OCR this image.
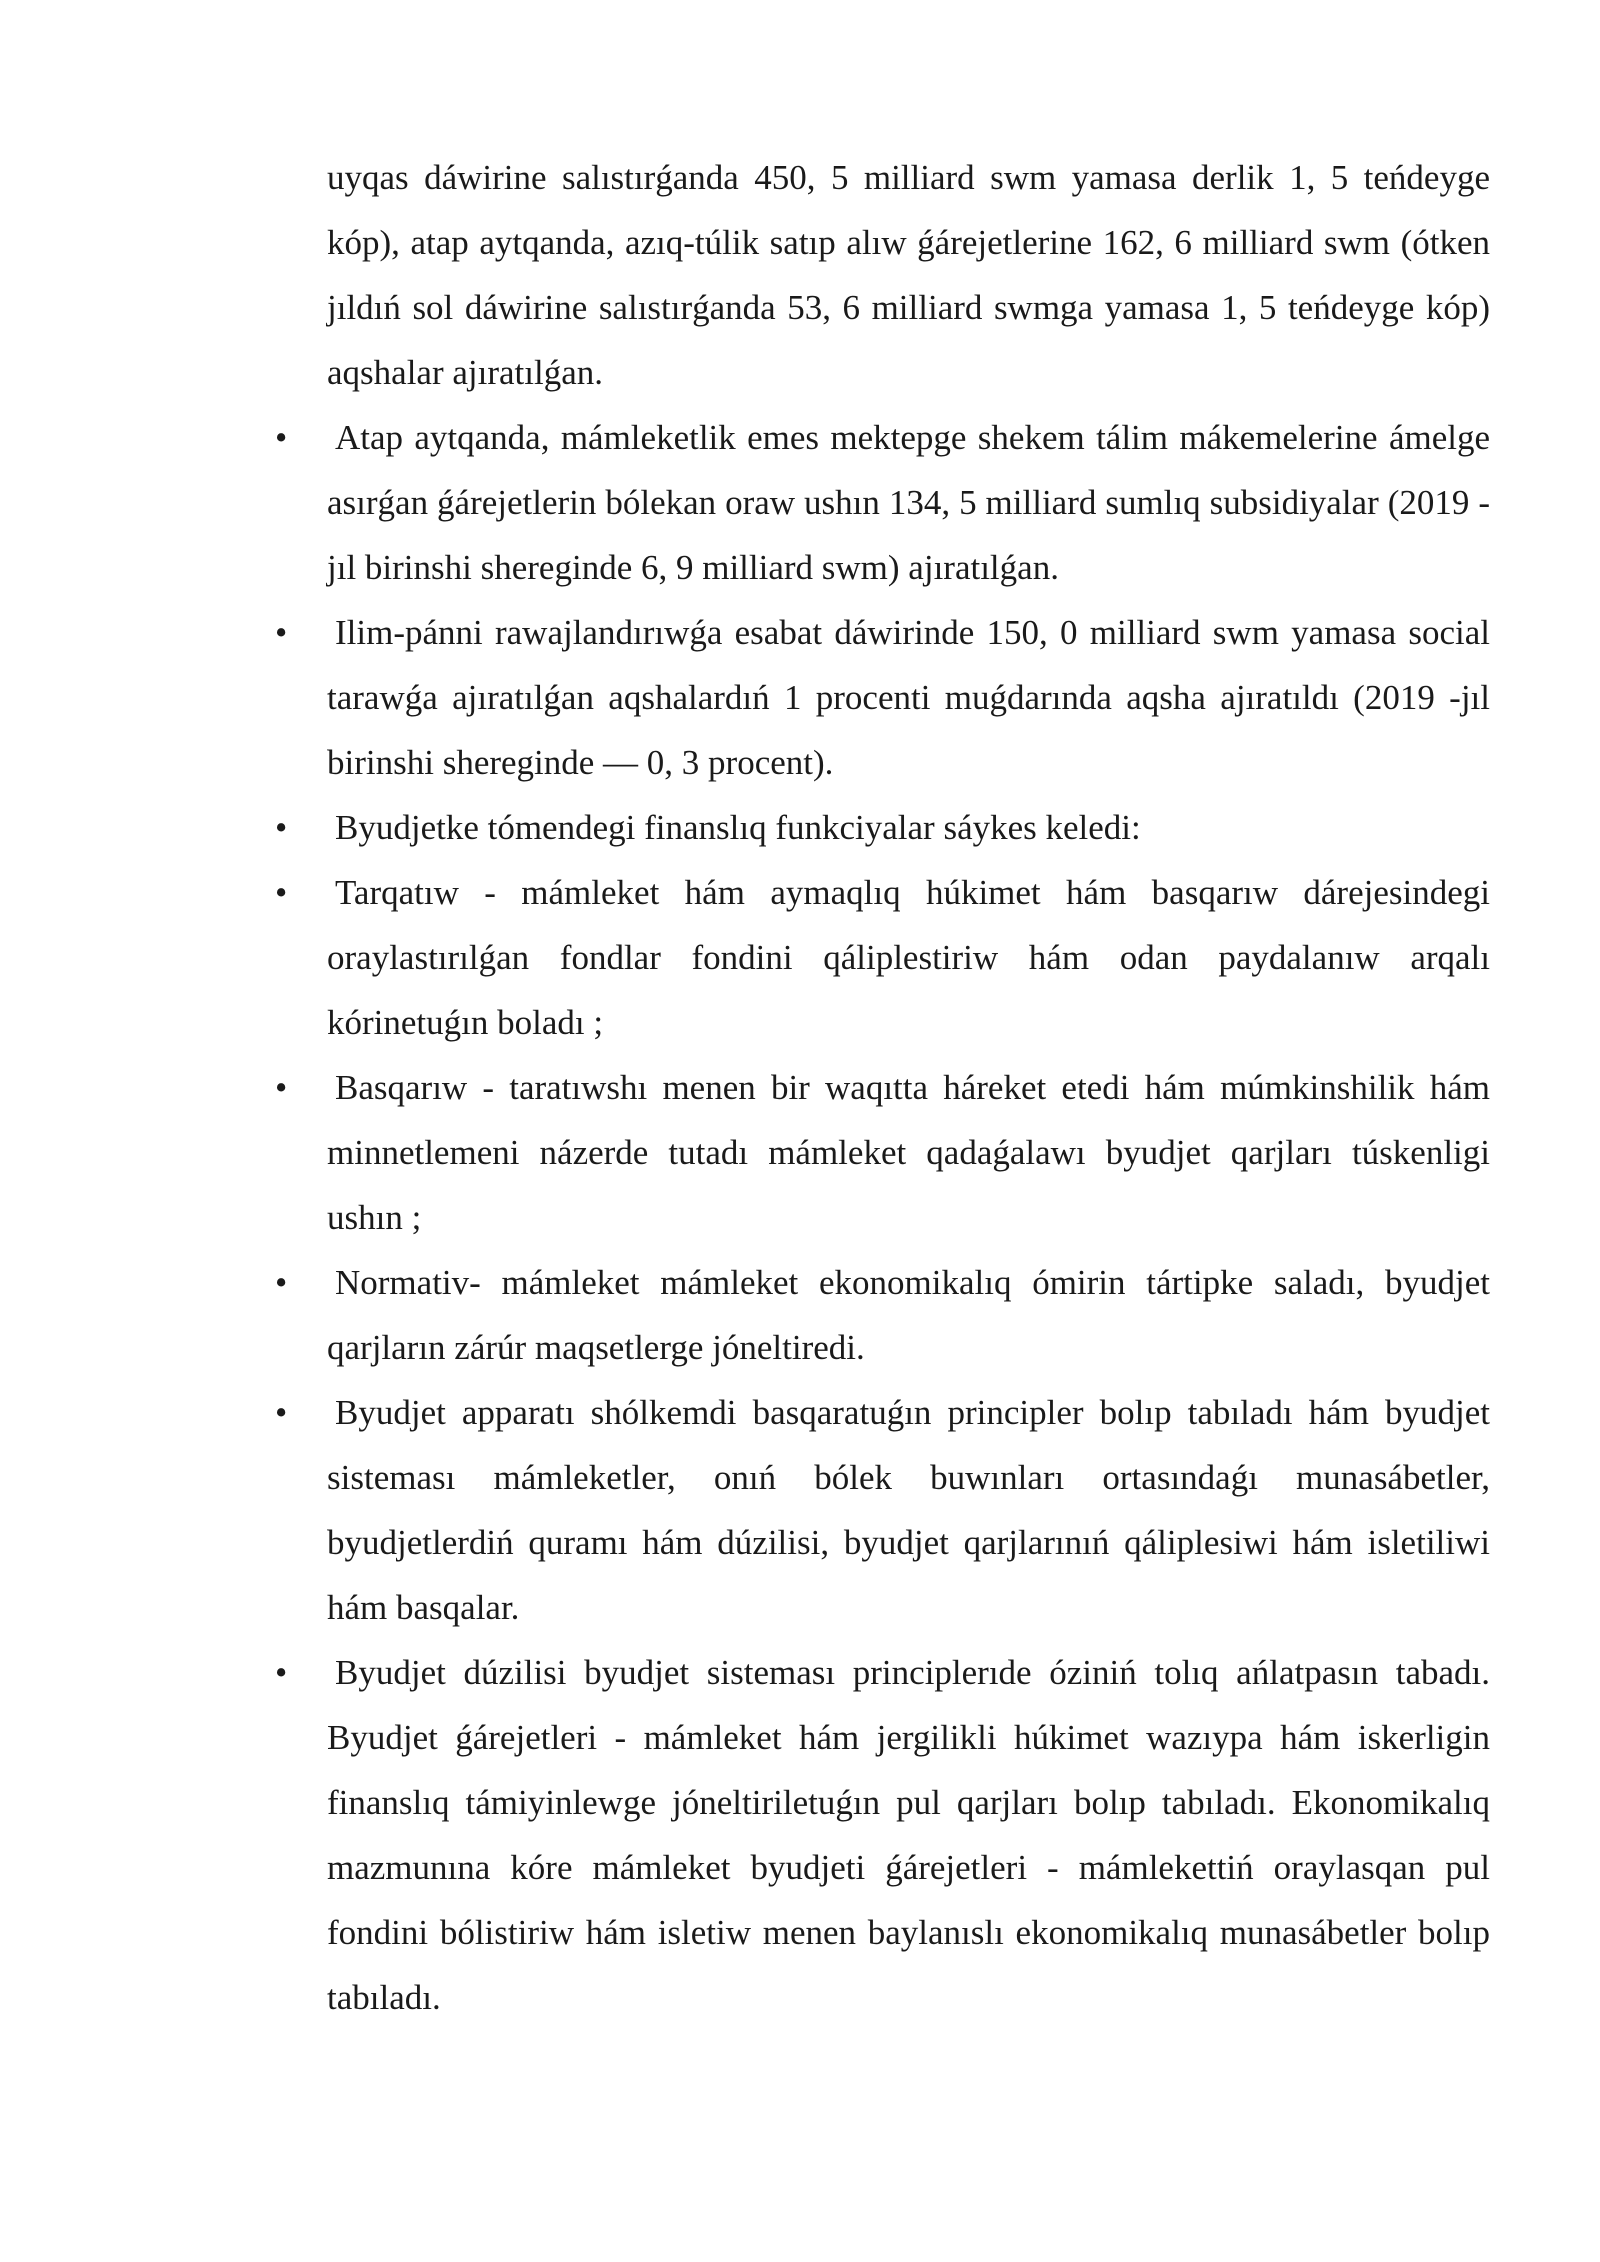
uyqas dáwirine salıstırǵanda 450, 5 milliard swm yamasa derlik 1, 5 teńdeyge kóp), atap aytqanda, azıq-túlik satıp alıw ǵárejetlerine 162, 6 milliard swm (ótken jıldıń sol dáwirine salıstırǵanda 53, 6 milliard swmga yamasa 1, 5 teńdeyge kóp) aqshalar ajıratılǵan.

• Atap aytqanda, mámleketlik emes mektepge shekem tálim mákemelerine ámelge asırǵan ǵárejetlerin bólekan oraw ushın 134, 5 milliard sumlıq subsidiyalar (2019 -jıl birinshi shereginde 6, 9 milliard swm) ajıratılǵan.
• Ilim-pánni rawajlandırıwǵa esabat dáwirinde 150, 0 milliard swm yamasa social tarawǵa ajıratılǵan aqshalardıń 1 procenti muǵdarında aqsha ajıratıldı (2019 -jıl birinshi shereginde — 0, 3 procent).
• Byudjetke tómendegi finanslıq funkciyalar sáykes keledi:
• Tarqatıw - mámleket hám aymaqlıq húkimet hám basqarıw dárejesindegi oraylastırılǵan fondlar fondini qáliplestiriw hám odan paydalanıw arqalı kórinetuǵın boladı ;
• Basqarıw - taratıwshı menen bir waqıtta háreket etedi hám múmkinshilik hám minnetlemeni názerde tutadı mámleket qadaǵalawı byudjet qarjları túskenligi ushın ;
• Normativ- mámleket mámleket ekonomikalıq ómirin tártipke saladı, byudjet qarjların zárúr maqsetlerge jóneltiredi.
• Byudjet apparatı shólkemdi basqaratuǵın principler bolıp tabıladı hám byudjet sisteması mámleketler, onıń bólek buwınları ortasındaǵı munasábetler, byudjetlerdiń quramı hám dúzilisi, byudjet qarjlarınıń qáliplesiwi hám isletiliwi hám basqalar.
• Byudjet dúzilisi byudjet sisteması principlerıde óziniń tolıq ańlatpasın tabadı. Byudjet ǵárejetleri - mámleket hám jergilikli húkimet wazıypa hám iskerligin finanslıq támiyinlewge jóneltiriletuǵın pul qarjları bolıp tabıladı. Ekonomikalıq mazmunına kóre mámleket byudjeti ǵárejetleri - mámlekettiń oraylasqan pul fondini bólistiriw hám isletiw menen baylanıslı ekonomikalıq munasábetler bolıp tabıladı.
